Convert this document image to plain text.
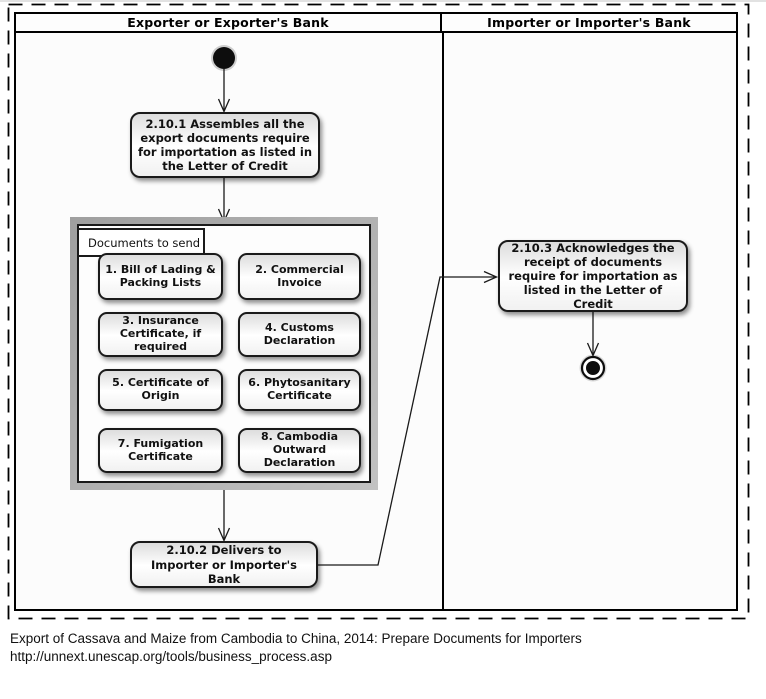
Exporter or Exporter's Bank	Importer or Importer's Bank
2.10.1 Assembles all the export documents require for importation as listed in the Letter of Credit
Documents to send
1. Bill of Lading & Packing Lists
2. Commercial Invoice
3. Insurance Certificate, if required
4. Customs Declaration
5. Certificate of Origin
6. Phytosanitary Certificate
7. Fumigation Certificate
8. Cambodia Outward Declaration
2.10.2 Delivers to Importer or Importer's Bank
2.10.3 Acknowledges the receipt of documents require for importation as listed in the Letter of Credit
Export of Cassava and Maize from Cambodia to China, 2014: Prepare Documents for Importers
http://unnext.unescap.org/tools/business_process.asp
